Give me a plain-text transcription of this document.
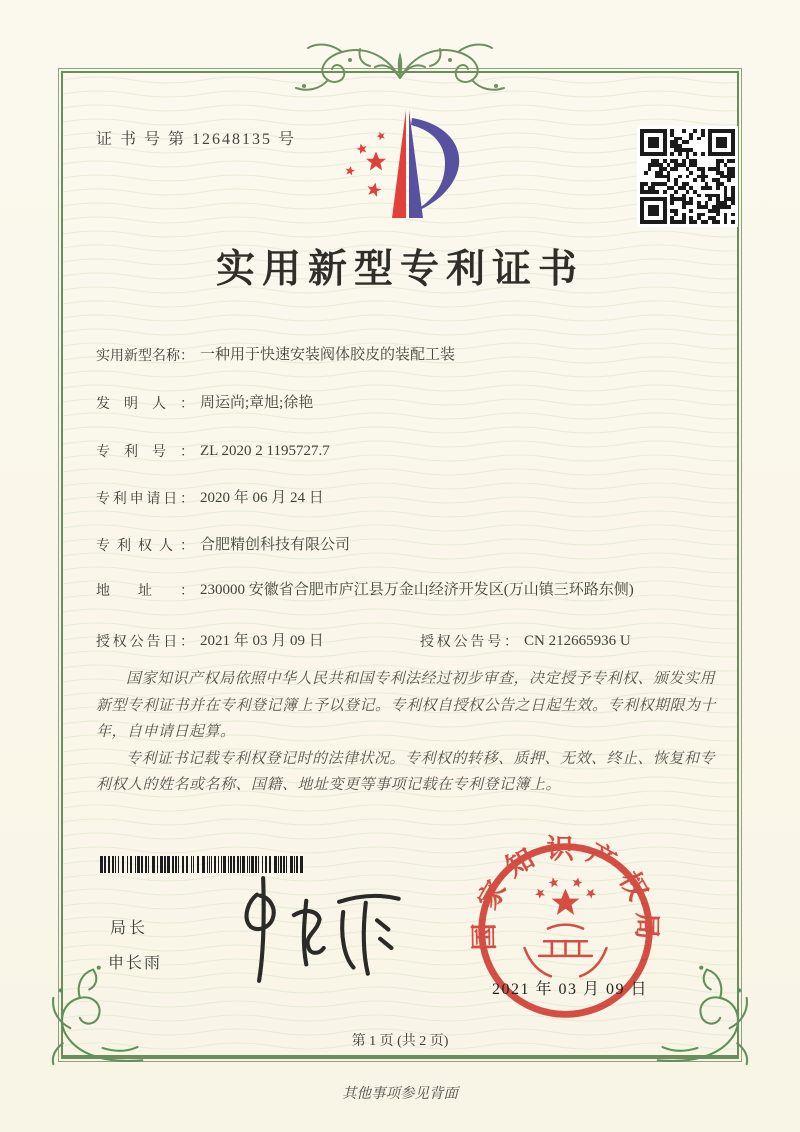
证 书 号 第 12648135 号
实用新型专利证书
实用新型名称： 一种用于快速安装阀体胶皮的装配工装
发明人： 周运尚;章旭;徐艳
专利号： ZL 2020 2 1195727.7
专利申请日： 2020 年 06 月 24 日
专利权人： 合肥精创科技有限公司
地址： 230000 安徽省合肥市庐江县万金山经济开发区(万山镇三环路东侧)
授权公告日： 2021 年 03 月 09 日	授权公告号： CN 212665936 U

国家知识产权局依照中华人民共和国专利法经过初步审查，决定授予专利权、颁发实用新型专利证书并在专利登记簿上予以登记。专利权自授权公告之日起生效。专利权期限为十年，自申请日起算。

专利证书记载专利权登记时的法律状况。专利权的转移、质押、无效、终止、恢复和专利权人的姓名或名称、国籍、地址变更等事项记载在专利登记簿上。

局长
申长雨
国家知识产权局
2021 年 03 月 09 日
第 1 页 (共 2 页)
其他事项参见背面
